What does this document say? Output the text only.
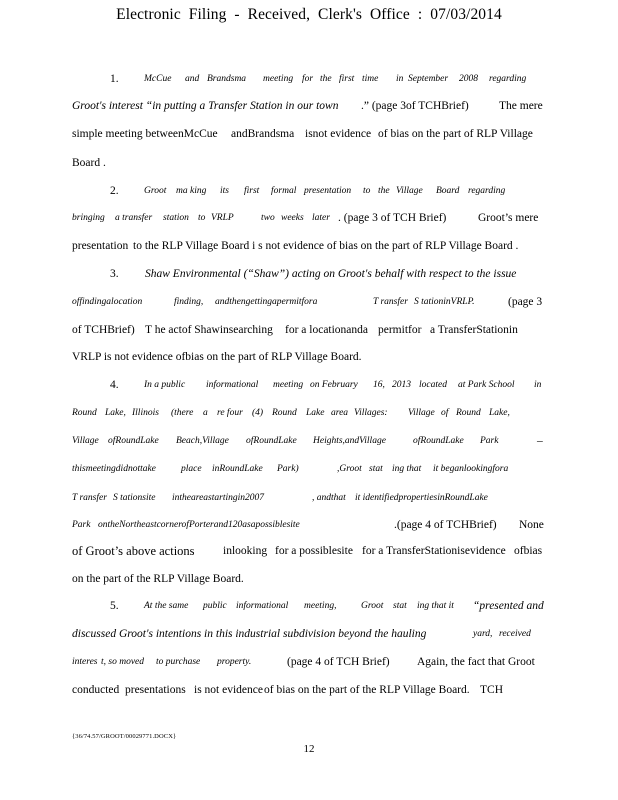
Electronic Filing - Received, Clerk's Office : 07/03/2014
1.	McCue and Brandsma meeting for the first time in September 2008 regarding
Groot's interest “in putting a Transfer Station in our town .” (page 3of TCHBrief)	The mere
simple meeting betweenMcCue andBrandsma isnot evidence of bias on the part of RLP Village
Board .
2.	Groot ma king its first formal presentation to the Village Board regarding
bringing a transfer station to VRLP	two weeks later . (page 3 of TCH Brief)	Groot’s mere
presentation to the RLP Village Board i s not evidence of bias on the part of RLP Village Board .
3. Shaw Environmental (“Shaw”) acting on Groot's behalf with respect to the issue
offindingalocation	finding, andthengettingapermitfora	T ransfer S tationinVRLP.	(page 3
of TCHBrief) T he actof Shawinsearching for a locationanda permitfor a TransferStationin
VRLP is not evidence ofbias on the part of RLP Village Board.
4.	In a public informational meeting on February 16, 2013 located at Park School in
Round Lake, Illinois (there a re four (4) Round Lake area Villages: Village of Round Lake,
Village ofRoundLake Beach,Village ofRoundLake Heights,andVillage	ofRoundLake Park	–
thismeetingdidnottake	place inRoundLake Park)	,Groot stat ing that it beganlookingfora
T ransfer S tationsite intheareastartingin2007	, andthat it identifiedpropertiesinRoundLake
Park ontheNortheastcornerofPorterand120asapossiblesite	.(page 4 of TCHBrief) None
of Groot’s above actions inlooking for a possiblesite for a TransferStationisevidence ofbias
on the part of the RLP Village Board.
5.	At the same public informational meeting,	Groot stat ing that it “presented and
discussed Groot's intentions in this industrial subdivision beyond the hauling	yard, received
interes t, so moved to purchase property.	(page 4 of TCH Brief) Again, the fact that Groot
conducted presentations is not evidence of bias on the part of the RLP Village Board. TCH
{36/74.57/GROOT/00029771.DOCX}
12
